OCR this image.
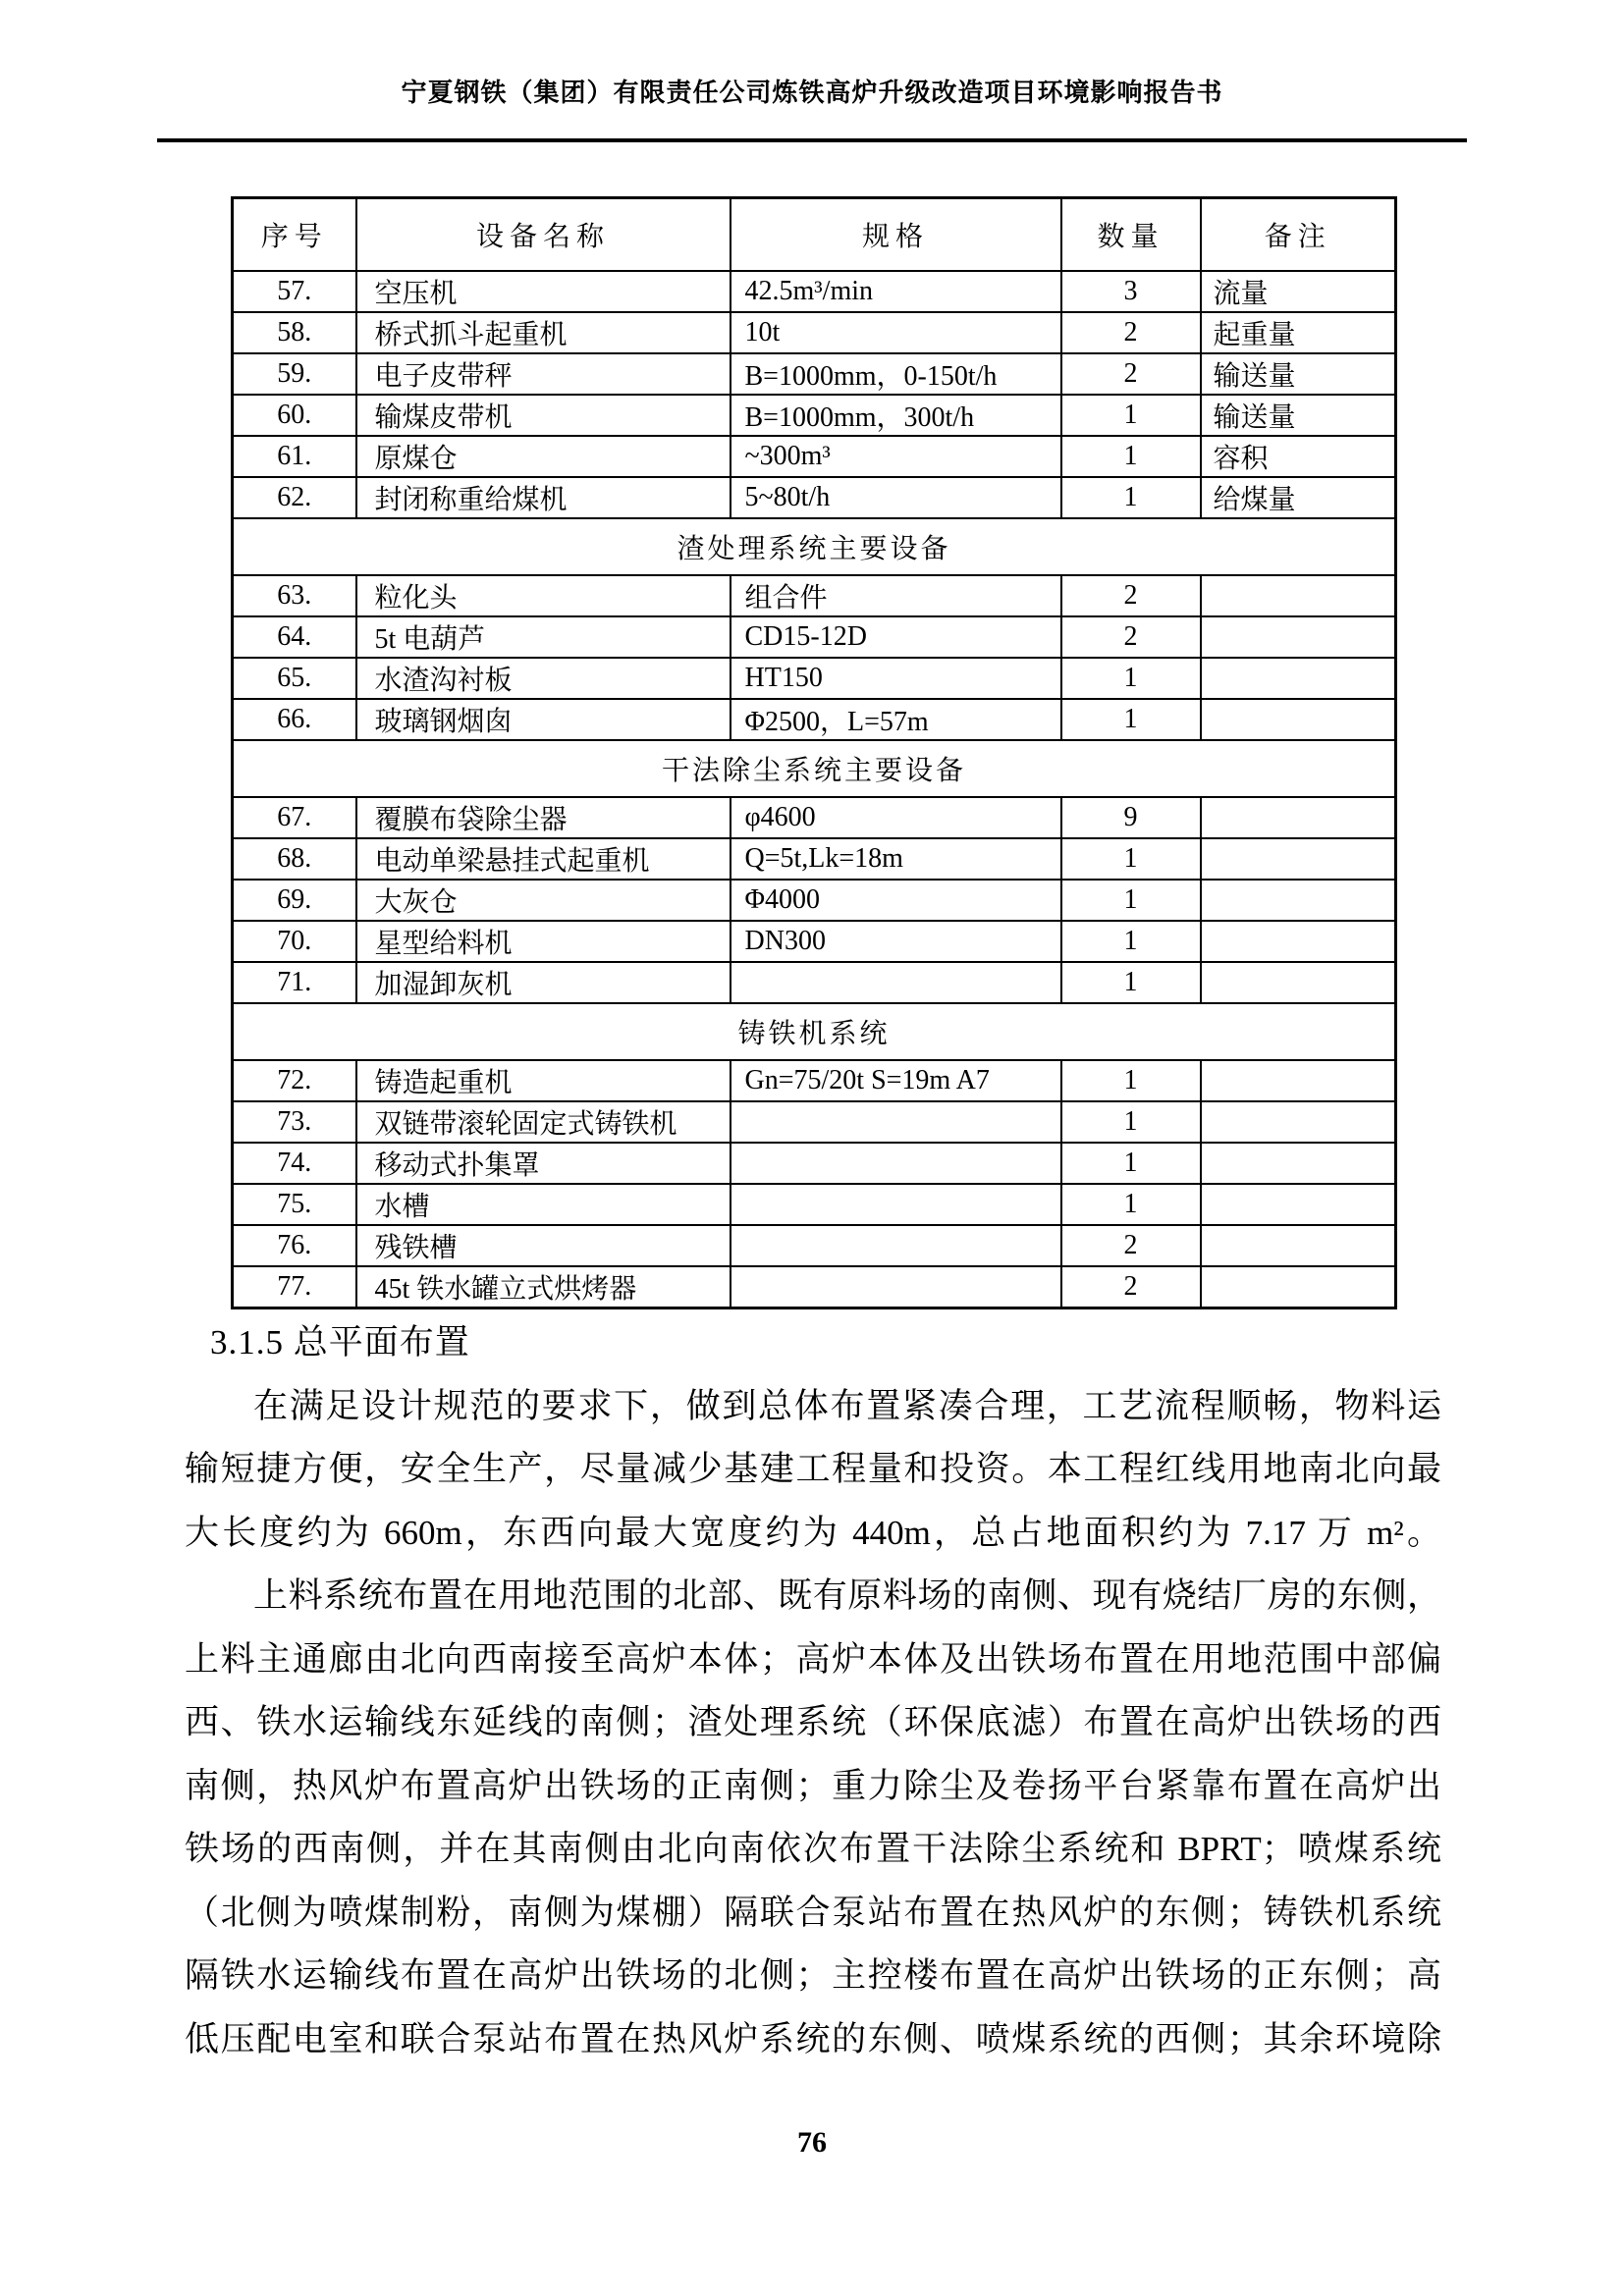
宁夏钢铁（集团）有限责任公司炼铁高炉升级改造项目环境影响报告书
序号	设备名称	规格	数量	备注
57.	空压机	42.5m³/min	3	流量
58.	桥式抓斗起重机	10t	2	起重量
59.	电子皮带秤	B=1000mm，0-150t/h	2	输送量
60.	输煤皮带机	B=1000mm，300t/h	1	输送量
61.	原煤仓	~300m³	1	容积
62.	封闭称重给煤机	5~80t/h	1	给煤量
渣处理系统主要设备				
63.	粒化头	组合件	2	
64.	5t 电葫芦	CD15-12D	2	
65.	水渣沟衬板	HT150	1	
66.	玻璃钢烟囱	Φ2500，L=57m	1	
干法除尘系统主要设备				
67.	覆膜布袋除尘器	φ4600	9	
68.	电动单梁悬挂式起重机	Q=5t,Lk=18m	1	
69.	大灰仓	Φ4000	1	
70.	星型给料机	DN300	1	
71.	加湿卸灰机		1	
铸铁机系统				
72.	铸造起重机	Gn=75/20t S=19m A7	1	
73.	双链带滚轮固定式铸铁机		1	
74.	移动式扑集罩		1	
75.	水槽		1	
76.	残铁槽		2	
77.	45t 铁水罐立式烘烤器		2	
3.1.5 总平面布置
在满足设计规范的要求下，做到总体布置紧凑合理，工艺流程顺畅，物料运
输短捷方便，安全生产，尽量减少基建工程量和投资。本工程红线用地南北向最
大长度约为 660m，东西向最大宽度约为 440m，总占地面积约为 7.17 万 m²。
上料系统布置在用地范围的北部、既有原料场的南侧、现有烧结厂房的东侧，
上料主通廊由北向西南接至高炉本体；高炉本体及出铁场布置在用地范围中部偏
西、铁水运输线东延线的南侧；渣处理系统（环保底滤）布置在高炉出铁场的西
南侧，热风炉布置高炉出铁场的正南侧；重力除尘及卷扬平台紧靠布置在高炉出
铁场的西南侧，并在其南侧由北向南依次布置干法除尘系统和 BPRT；喷煤系统
（北侧为喷煤制粉，南侧为煤棚）隔联合泵站布置在热风炉的东侧；铸铁机系统
隔铁水运输线布置在高炉出铁场的北侧；主控楼布置在高炉出铁场的正东侧；高
低压配电室和联合泵站布置在热风炉系统的东侧、喷煤系统的西侧；其余环境除
76
